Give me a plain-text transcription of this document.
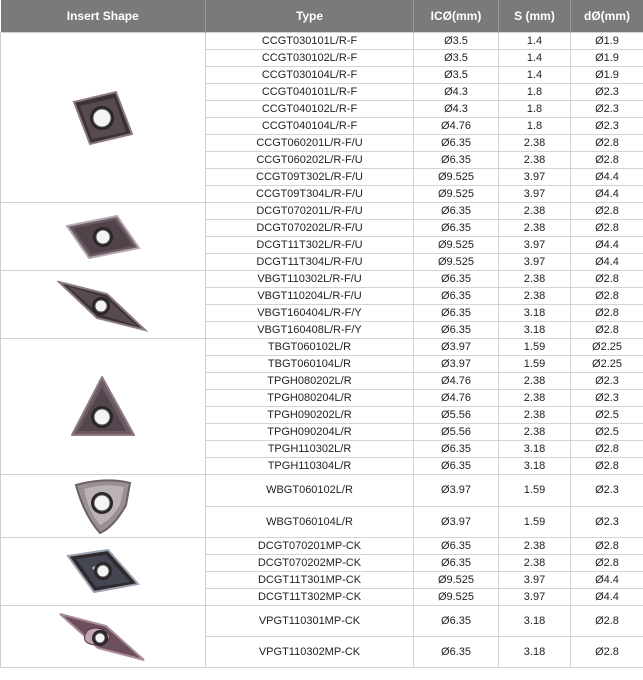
Insert Shape	Type	ICØ(mm)	S (mm)	dØ(mm)

	CCGT030101L/R-F	Ø3.5	1.4	Ø1.9
	CCGT030102L/R-F	Ø3.5	1.4	Ø1.9
	CCGT030104L/R-F	Ø3.5	1.4	Ø1.9
	CCGT040101L/R-F	Ø4.3	1.8	Ø2.3
	CCGT040102L/R-F	Ø4.3	1.8	Ø2.3
	CCGT040104L/R-F	Ø4.76	1.8	Ø2.3
	CCGT060201L/R-F/U	Ø6.35	2.38	Ø2.8
	CCGT060202L/R-F/U	Ø6.35	2.38	Ø2.8
	CCGT09T302L/R-F/U	Ø9.525	3.97	Ø4.4
	CCGT09T304L/R-F/U	Ø9.525	3.97	Ø4.4

	DCGT070201L/R-F/U	Ø6.35	2.38	Ø2.8
	DCGT070202L/R-F/U	Ø6.35	2.38	Ø2.8
	DCGT11T302L/R-F/U	Ø9.525	3.97	Ø4.4
	DCGT11T304L/R-F/U	Ø9.525	3.97	Ø4.4

	VBGT110302L/R-F/U	Ø6.35	2.38	Ø2.8
	VBGT110204L/R-F/U	Ø6.35	2.38	Ø2.8
	VBGT160404L/R-F/Y	Ø6.35	3.18	Ø2.8
	VBGT160408L/R-F/Y	Ø6.35	3.18	Ø2.8

	TBGT060102L/R	Ø3.97	1.59	Ø2.25
	TBGT060104L/R	Ø3.97	1.59	Ø2.25
	TPGH080202L/R	Ø4.76	2.38	Ø2.3
	TPGH080204L/R	Ø4.76	2.38	Ø2.3
	TPGH090202L/R	Ø5.56	2.38	Ø2.5
	TPGH090204L/R	Ø5.56	2.38	Ø2.5
	TPGH110302L/R	Ø6.35	3.18	Ø2.8
	TPGH110304L/R	Ø6.35	3.18	Ø2.8

	WBGT060102L/R	Ø3.97	1.59	Ø2.3
	WBGT060104L/R	Ø3.97	1.59	Ø2.3

	DCGT070201MP-CK	Ø6.35	2.38	Ø2.8
	DCGT070202MP-CK	Ø6.35	2.38	Ø2.8
	DCGT11T301MP-CK	Ø9.525	3.97	Ø4.4
	DCGT11T302MP-CK	Ø9.525	3.97	Ø4.4

	VPGT110301MP-CK	Ø6.35	3.18	Ø2.8
	VPGT110302MP-CK	Ø6.35	3.18	Ø2.8
